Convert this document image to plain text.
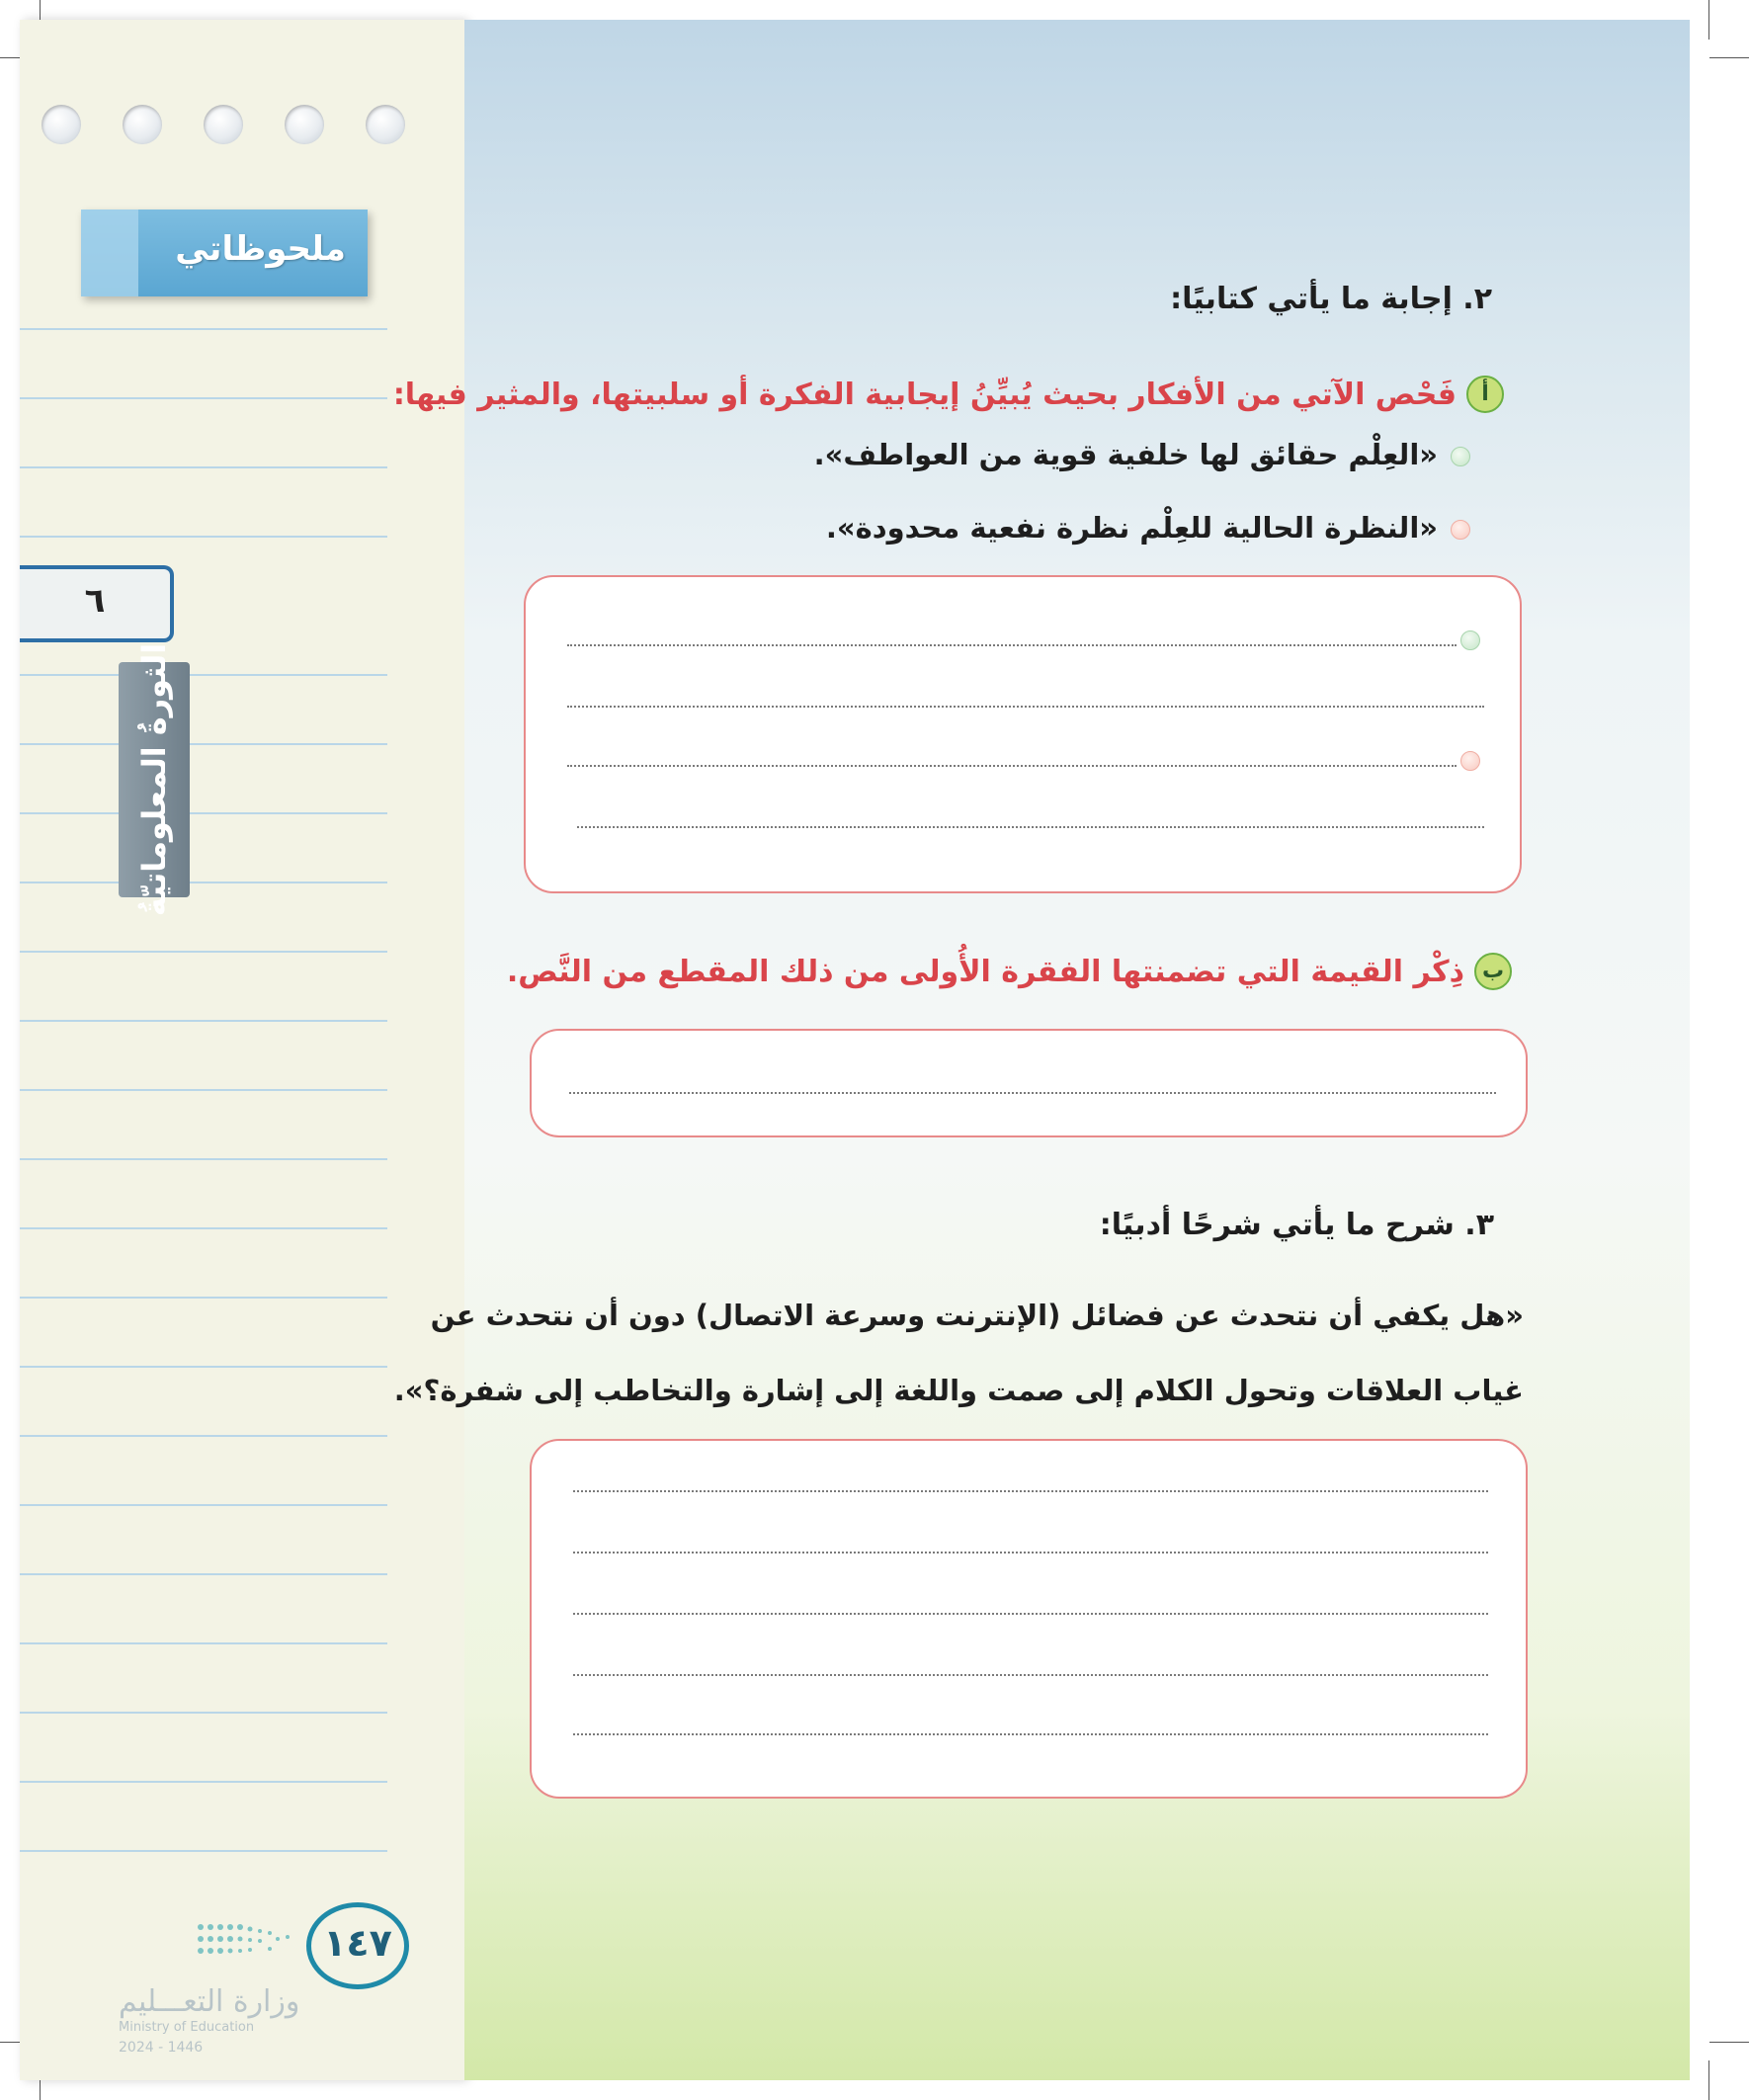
ملحوظاتي
٦
الثورةُ المعلوماتيّةُ
١٤٧
وزارة التعـــليم
Ministry of Education
2024 - 1446
٢. إجابة ما يأتي كتابيًا:
أ
فَحْص الآتي من الأفكار بحيث يُبيِّنُ إيجابية الفكرة أو سلبيتها، والمثير فيها:
«العِلْم حقائق لها خلفية قوية من العواطف».
«النظرة الحالية للعِلْم نظرة نفعية محدودة».
ب
ذِكْر القيمة التي تضمنتها الفقرة الأُولى من ذلك المقطع من النَّص.
٣. شرح ما يأتي شرحًا أدبيًا:
«هل يكفي أن نتحدث عن فضائل (الإنترنت وسرعة الاتصال) دون أن نتحدث عن
غياب العلاقات وتحول الكلام إلى صمت واللغة إلى إشارة والتخاطب إلى شفرة؟».
